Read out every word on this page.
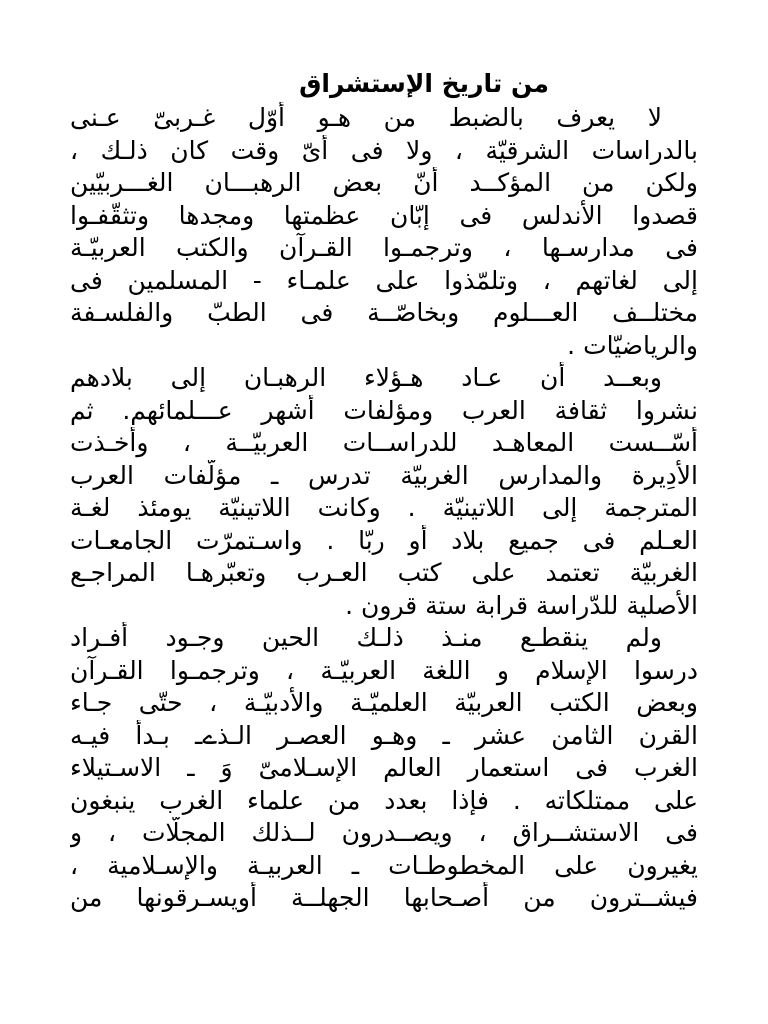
من تاريخ الإستشراق
لا يعرف بالضبط من هـو أوّل غـربىّ عـنى
بالدراسات الشرقيّة ، ولا فى أىّ وقت كان ذلـك ،
ولكن من المؤكــد أنّ بعض الرهبـــان الغـــربيّين
قصدوا الأندلس فى إبّان عظمتها ومجدها وتثقّفـوا
فى مدارسـها ، وترجمـوا القـرآن والكتب العربيّـة
إلى لغاتهم ، وتلمّذوا على علمـاء - المسلمين فى
مختلــف العـــلوم وبخاصّــة فى الطبّ والفلسـفة
والرياضيّات .
وبعــد أن عـاد هـؤلاء الرهبـان إلى بلادهم
نشروا ثقافة العرب ومؤلفات أشهر عـــلمائهم. ثم
أسّــست المعاهـد للدراســات العربيّــة ، وأخـذت
الأدِيرة والمدارس الغربيّة تدرس ـ مؤلّفات العرب
المترجمة إلى اللاتينيّة . وكانت اللاتينيّة يومئذ لغـة
العـلم فى جميع بلاد أو ربّا . واسـتمرّت الجامعـات
الغربيّة تعتمد على كتب العـرب وتعبّرهـا المراجـع
الأصلية للدّراسة قرابة ستة قرون .
ولم ينقطـع منـذ ذلـك الحين وجـود أفـراد
درسوا الإسلام و اللغة العربيّـة ، وترجمـوا القـرآن
وبعض الكتب العربيّة العلميّـة والأدبيّـة ، حتّى جـاء
القرن الثامن عشر ـ وهـو العصـر الـذےـ بـدأ فيـه
الغرب فى استعمار العالم الإسـلامىّ وَ ـ الاسـتيلاء
على ممتلكاته . فإذا بعدد من علماء الغرب ينبغون
فى الاستشــراق ، ويصــدرون لــذلك المجلّات ، و
يغيرون على المخطوطـات ـ العربيـة والإسـلامية ،
فيشــترون من أصـحابها الجهلــة أويسـرقونها من
